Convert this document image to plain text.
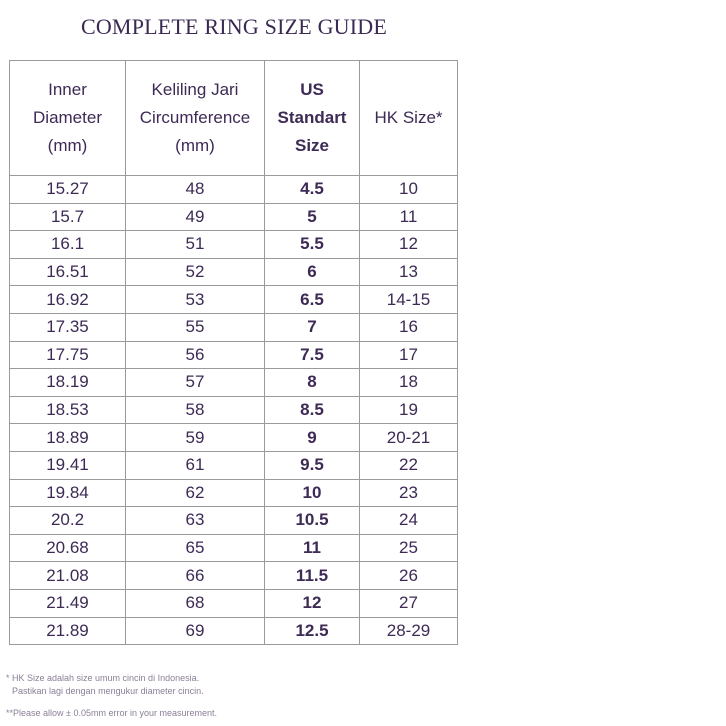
COMPLETE RING SIZE GUIDE
Inner
Diameter
(mm)	Keliling Jari
Circumference
(mm)	US
Standart
Size	HK Size*

15.27	48	4.5	10
15.7	49	5	11
16.1	51	5.5	12
16.51	52	6	13
16.92	53	6.5	14-15
17.35	55	7	16
17.75	56	7.5	17
18.19	57	8	18
18.53	58	8.5	19
18.89	59	9	20-21
19.41	61	9.5	22
19.84	62	10	23
20.2	63	10.5	24
20.68	65	11	25
21.08	66	11.5	26
21.49	68	12	27
21.89	69	12.5	28-29
* HK Size adalah size umum cincin di Indonesia.
Pastikan lagi dengan mengukur diameter cincin.
**Please allow ± 0.05mm error in your measurement.
